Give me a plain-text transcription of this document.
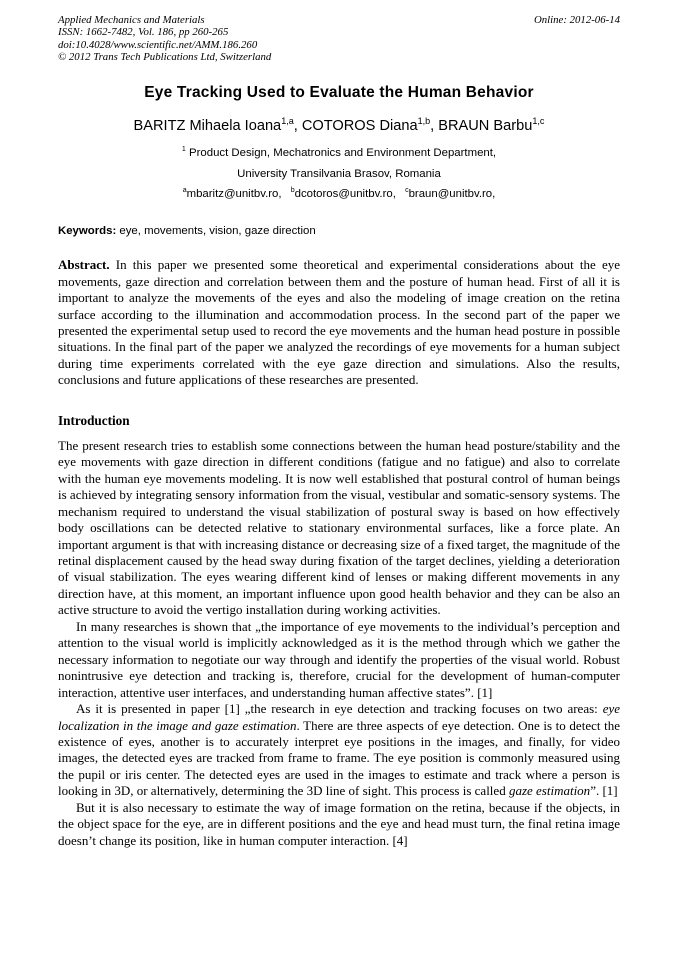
Applied Mechanics and Materials
ISSN: 1662-7482, Vol. 186, pp 260-265
doi:10.4028/www.scientific.net/AMM.186.260
© 2012 Trans Tech Publications Ltd, Switzerland
Online: 2012-06-14
Eye Tracking Used to Evaluate the Human Behavior
BARITZ Mihaela Ioana$^{1,a}$, COTOROS Diana$^{1,b}$, BRAUN Barbu$^{1,c}$
$^1$ Product Design, Mechatronics and Environment Department,
University Transilvania Brasov, Romania
$^a$mbaritz@unitbv.ro, $^b$dcotoros@unitbv.ro, $^c$braun@unitbv.ro,
Keywords: eye, movements, vision, gaze direction

Abstract. In this paper we presented some theoretical and experimental considerations about the eye movements, gaze direction and correlation between them and the posture of human head. First of all it is important to analyze the movements of the eyes and also the modeling of image creation on the retina surface according to the illumination and accommodation process. In the second part of the paper we presented the experimental setup used to record the eye movements and the human head posture in possible situations. In the final part of the paper we analyzed the recordings of eye movements for a human subject during time experiments correlated with the eye gaze direction and simulations. Also the results, conclusions and future applications of these researches are presented.

Introduction

The present research tries to establish some connections between the human head posture/stability and the eye movements with gaze direction in different conditions (fatigue and no fatigue) and also to correlate with the human eye movements modeling. It is now well established that postural control of human beings is achieved by integrating sensory information from the visual, vestibular and somatic-sensory systems. The mechanism required to understand the visual stabilization of postural sway is based on how effectively body oscillations can be detected relative to stationary environmental surfaces, like a force plate. An important argument is that with increasing distance or decreasing size of a fixed target, the magnitude of the retinal displacement caused by the head sway during fixation of the target declines, yielding a deterioration of visual stabilization. The eyes wearing different kind of lenses or making different movements in any direction have, at this moment, an important influence upon good health behavior and they can be also an active structure to avoid the vertigo installation during working activities.

In many researches is shown that „the importance of eye movements to the individual’s perception and attention to the visual world is implicitly acknowledged as it is the method through which we gather the necessary information to negotiate our way through and identify the properties of the visual world. Robust nonintrusive eye detection and tracking is, therefore, crucial for the development of human-computer interaction, attentive user interfaces, and understanding human affective states”. [1]

As it is presented in paper [1] „the research in eye detection and tracking focuses on two areas: eye localization in the image and gaze estimation. There are three aspects of eye detection. One is to detect the existence of eyes, another is to accurately interpret eye positions in the images, and finally, for video images, the detected eyes are tracked from frame to frame. The eye position is commonly measured using the pupil or iris center. The detected eyes are used in the images to estimate and track where a person is looking in 3D, or alternatively, determining the 3D line of sight. This process is called gaze estimation”. [1]

But it is also necessary to estimate the way of image formation on the retina, because if the objects, in the object space for the eye, are in different positions and the eye and head must turn, the final retina image doesn’t change its position, like in human computer interaction. [4]
